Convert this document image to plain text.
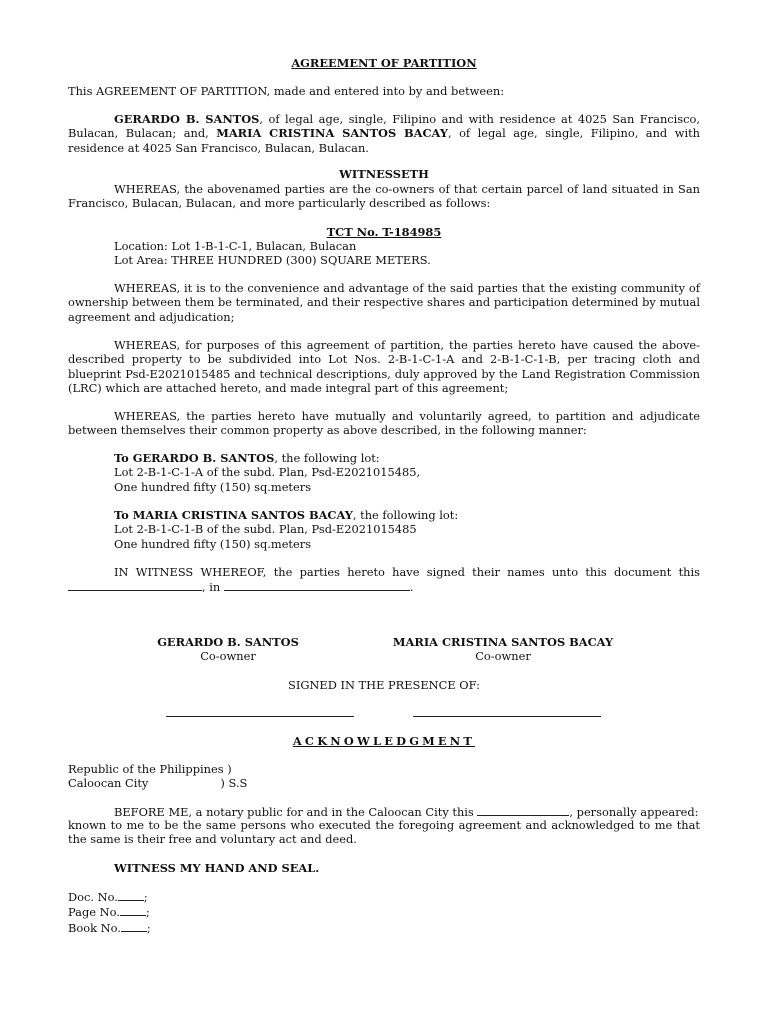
AGREEMENT OF PARTITION
This AGREEMENT OF PARTITION, made and entered into by and between:
GERARDO B. SANTOS, of legal age, single, Filipino and with residence at 4025 San Francisco, Bulacan, Bulacan; and, MARIA CRISTINA SANTOS BACAY, of legal age, single, Filipino, and with residence at 4025 San Francisco, Bulacan, Bulacan.
WITNESSETH
WHEREAS, the abovenamed parties are the co-owners of that certain parcel of land situated in San Francisco, Bulacan, Bulacan, and more particularly described as follows:
TCT No. T-184985
Location: Lot 1-B-1-C-1, Bulacan, Bulacan
Lot Area: THREE HUNDRED (300) SQUARE METERS.
WHEREAS, it is to the convenience and advantage of the said parties that the existing community of ownership between them be terminated, and their respective shares and participation determined by mutual agreement and adjudication;
WHEREAS, for purposes of this agreement of partition, the parties hereto have caused the above-described property to be subdivided into Lot Nos. 2-B-1-C-1-A and 2-B-1-C-1-B, per tracing cloth and blueprint Psd-E2021015485 and technical descriptions, duly approved by the Land Registration Commission (LRC) which are attached hereto, and made integral part of this agreement;
WHEREAS, the parties hereto have mutually and voluntarily agreed, to partition and adjudicate between themselves their common property as above described, in the following manner:
To GERARDO B. SANTOS, the following lot:
Lot 2-B-1-C-1-A of the subd. Plan, Psd-E2021015485,
One hundred fifty (150) sq.meters
To MARIA CRISTINA SANTOS BACAY, the following lot:
Lot 2-B-1-C-1-B of the subd. Plan, Psd-E2021015485
One hundred fifty (150) sq.meters
IN WITNESS WHEREOF, the parties hereto have signed their names unto this document this
, in	.
GERARDO B. SANTOS
Co-owner
MARIA CRISTINA SANTOS BACAY
Co-owner
SIGNED IN THE PRESENCE OF:
ACKNOWLEDGMENT
Republic of the Philippines )
Caloocan City	) S.S
BEFORE ME, a notary public for and in the Caloocan City this	, personally appeared:
known to me to be the same persons who executed the foregoing agreement and acknowledged to me that the same is their free and voluntary act and deed.
WITNESS MY HAND AND SEAL.
Doc. No. ;
Page No. ;
Book No. ;
